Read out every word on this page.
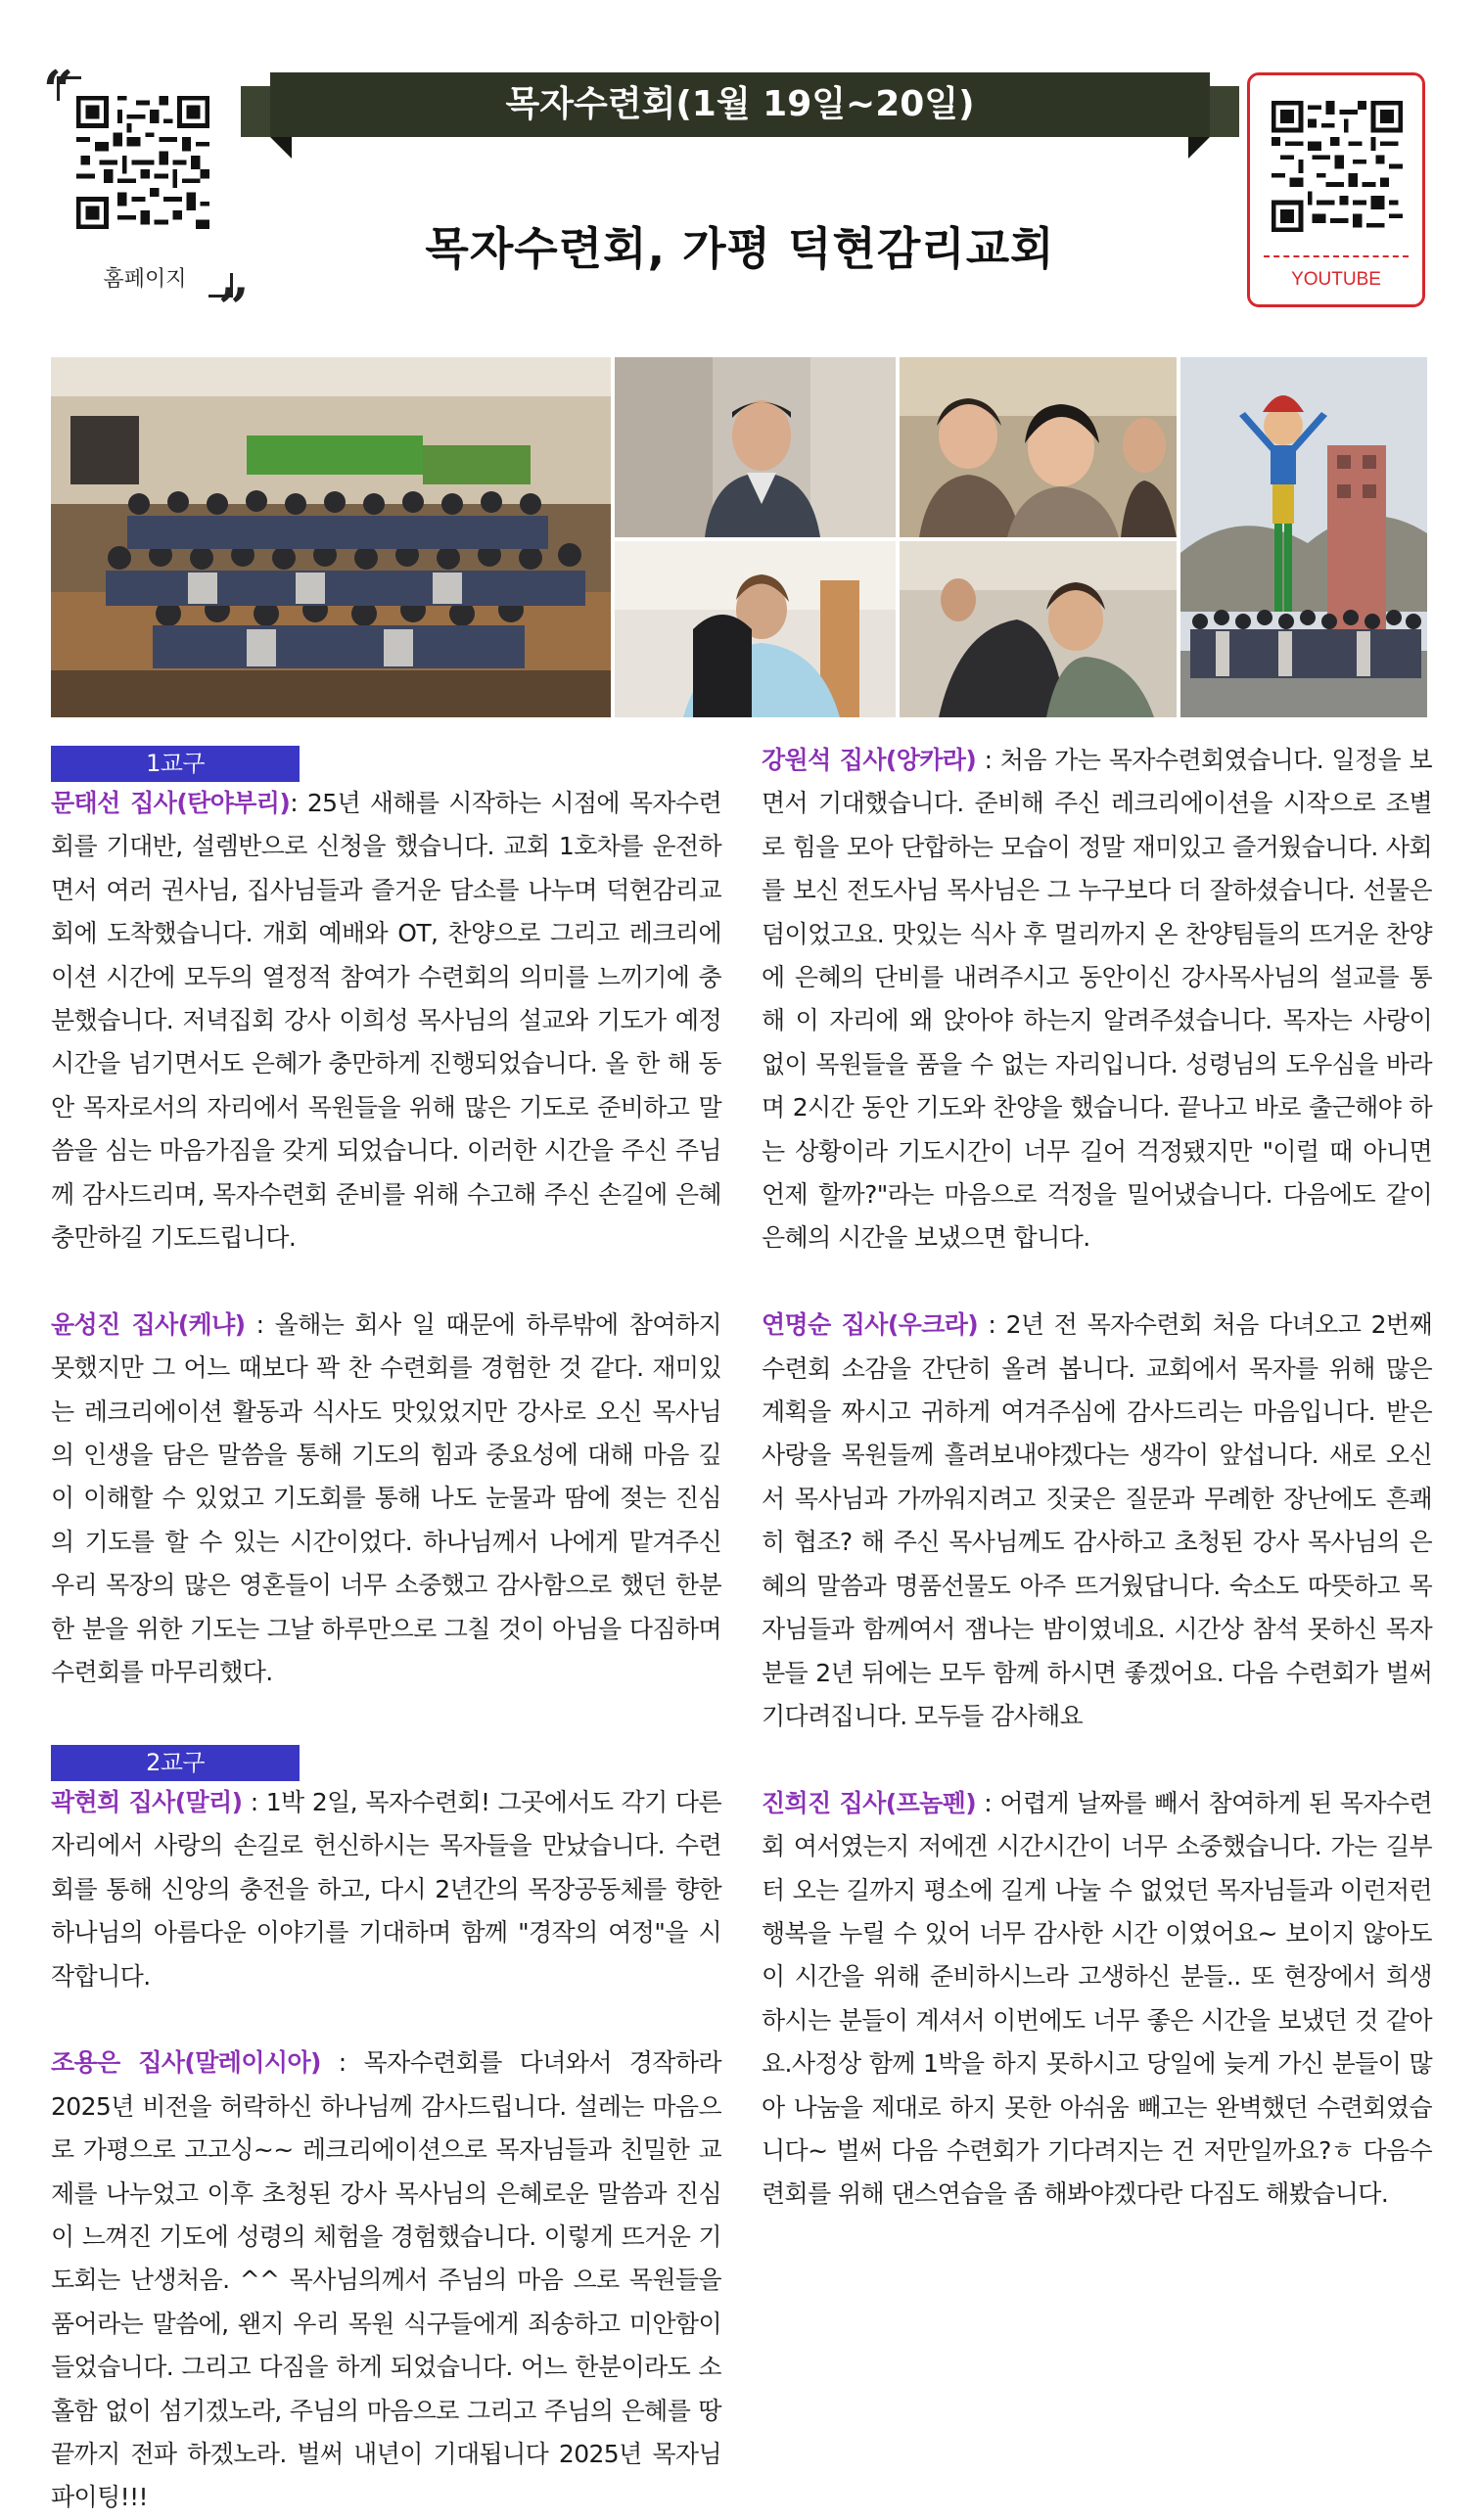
“
”
홈페이지
목자수련회(1월 19일~20일)
목자수련회, 가평 덕현감리교회
YOUTUBE
1교구

문태선 집사(탄야부리): 25년 새해를 시작하는 시점에 목자수련회를 기대반, 설렘반으로 신청을 했습니다. 교회 1호차를 운전하면서 여러 권사님, 집사님들과 즐거운 담소를 나누며 덕현감리교회에 도착했습니다. 개회 예배와 OT, 찬양으로 그리고 레크리에이션 시간에 모두의 열정적 참여가 수련회의 의미를 느끼기에 충분했습니다. 저녁집회 강사 이희성 목사님의 설교와 기도가 예정시간을 넘기면서도 은혜가 충만하게 진행되었습니다. 올 한 해 동안 목자로서의 자리에서 목원들을 위해 많은 기도로 준비하고 말씀을 심는 마음가짐을 갖게 되었습니다. 이러한 시간을 주신 주님께 감사드리며, 목자수련회 준비를 위해 수고해 주신 손길에 은혜 충만하길 기도드립니다.

윤성진 집사(케냐) : 올해는 회사 일 때문에 하루밖에 참여하지 못했지만 그 어느 때보다 꽉 찬 수련회를 경험한 것 같다. 재미있는 레크리에이션 활동과 식사도 맛있었지만 강사로 오신 목사님의 인생을 담은 말씀을 통해 기도의 힘과 중요성에 대해 마음 깊이 이해할 수 있었고 기도회를 통해 나도 눈물과 땀에 젖는 진심의 기도를 할 수 있는 시간이었다. 하나님께서 나에게 맡겨주신 우리 목장의 많은 영혼들이 너무 소중했고 감사함으로 했던 한분 한 분을 위한 기도는 그날 하루만으로 그칠 것이 아님을 다짐하며 수련회를 마무리했다.

2교구

곽현희 집사(말리) : 1박 2일, 목자수련회! 그곳에서도 각기 다른 자리에서 사랑의 손길로 헌신하시는 목자들을 만났습니다. 수련회를 통해 신앙의 충전을 하고, 다시 2년간의 목장공동체를 향한 하나님의 아름다운 이야기를 기대하며 함께 "경작의 여정"을 시작합니다.

조용은 집사(말레이시아) : 목자수련회를 다녀와서 경작하라 2025년 비전을 허락하신 하나님께 감사드립니다. 설레는 마음으로 가평으로 고고싱~~ 레크리에이션으로 목자님들과 친밀한 교제를 나누었고 이후 초청된 강사 목사님의 은혜로운 말씀과 진심이 느껴진 기도에 성령의 체험을 경험했습니다. 이렇게 뜨거운 기도회는 난생처음. ^^ 목사님의께서 주님의 마음 으로 목원들을 품어라는 말씀에, 왠지 우리 목원 식구들에게 죄송하고 미안함이 들었습니다. 그리고 다짐을 하게 되었습니다. 어느 한분이라도 소홀함 없이 섬기겠노라, 주님의 마음으로 그리고 주님의 은혜를 땅끝까지 전파 하겠노라. 벌써 내년이 기대됩니다 2025년 목자님 파이팅!!!

강원석 집사(앙카라) : 처음 가는 목자수련회였습니다. 일정을 보면서 기대했습니다. 준비해 주신 레크리에이션을 시작으로 조별로 힘을 모아 단합하는 모습이 정말 재미있고 즐거웠습니다. 사회를 보신 전도사님 목사님은 그 누구보다 더 잘하셨습니다. 선물은 덤이었고요. 맛있는 식사 후 멀리까지 온 찬양팀들의 뜨거운 찬양에 은혜의 단비를 내려주시고 동안이신 강사목사님의 설교를 통해 이 자리에 왜 앉아야 하는지 알려주셨습니다. 목자는 사랑이 없이 목원들을 품을 수 없는 자리입니다. 성령님의 도우심을 바라며 2시간 동안 기도와 찬양을 했습니다. 끝나고 바로 출근해야 하는 상황이라 기도시간이 너무 길어 걱정됐지만 "이럴 때 아니면 언제 할까?"라는 마음으로 걱정을 밀어냈습니다. 다음에도 같이 은혜의 시간을 보냈으면 합니다.

연명순 집사(우크라) : 2년 전 목자수련회 처음 다녀오고 2번째 수련회 소감을 간단히 올려 봅니다. 교회에서 목자를 위해 많은 계획을 짜시고 귀하게 여겨주심에 감사드리는 마음입니다. 받은 사랑을 목원들께 흘려보내야겠다는 생각이 앞섭니다. 새로 오신 서 목사님과 가까워지려고 짓궂은 질문과 무례한 장난에도 흔쾌히 협조? 해 주신 목사님께도 감사하고 초청된 강사 목사님의 은혜의 말씀과 명품선물도 아주 뜨거웠답니다. 숙소도 따뜻하고 목자님들과 함께여서 잼나는 밤이였네요. 시간상 참석 못하신 목자분들 2년 뒤에는 모두 함께 하시면 좋겠어요. 다음 수련회가 벌써 기다려집니다. 모두들 감사해요

진희진 집사(프놈펜) : 어렵게 날짜를 빼서 참여하게 된 목자수련회 여서였는지 저에겐 시간시간이 너무 소중했습니다. 가는 길부터 오는 길까지 평소에 길게 나눌 수 없었던 목자님들과 이런저런 행복을 누릴 수 있어 너무 감사한 시간 이였어요~ 보이지 않아도 이 시간을 위해 준비하시느라 고생하신 분들.. 또 현장에서 희생하시는 분들이 계셔서 이번에도 너무 좋은 시간을 보냈던 것 같아요.사정상 함께 1박을 하지 못하시고 당일에 늦게 가신 분들이 많아 나눔을 제대로 하지 못한 아쉬움 빼고는 완벽했던 수련회였습니다~ 벌써 다음 수련회가 기다려지는 건 저만일까요?ㅎ 다음수련회를 위해 댄스연습을 좀 해봐야겠다란 다짐도 해봤습니다.
